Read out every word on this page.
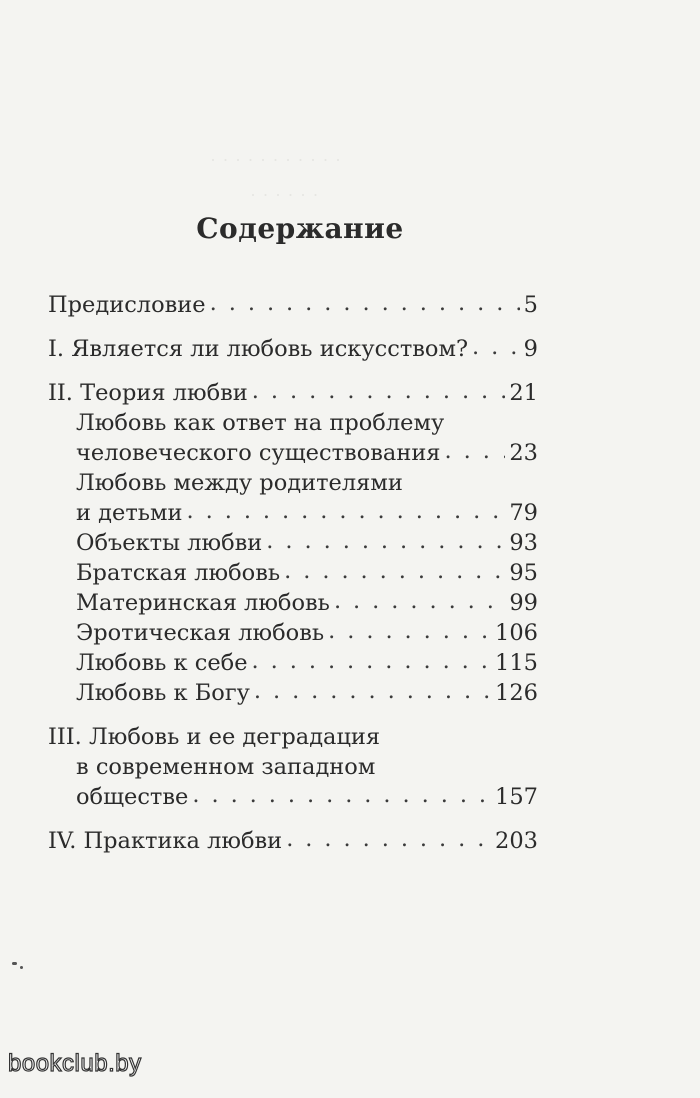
· · · · · · · · · · ·
· · · · · ·
Содержание
Предисловие . . .	5
I. Является ли любовь искусством? . . . 9
II. Теория любви . . .	21
Любовь как ответ на проблему
человеческого существования . . .	23
Любовь между родителями
и детьми . . .	79
Объекты любви . . .	93
Братская любовь . . .	95
Материнская любовь . . .	99
Эротическая любовь . . .	106
Любовь к себе . . .	115
Любовь к Богу . . .	126
III. Любовь и ее деградация
в современном западном
обществе . . .	157
IV. Практика любви . . .	203
bookclub.by
